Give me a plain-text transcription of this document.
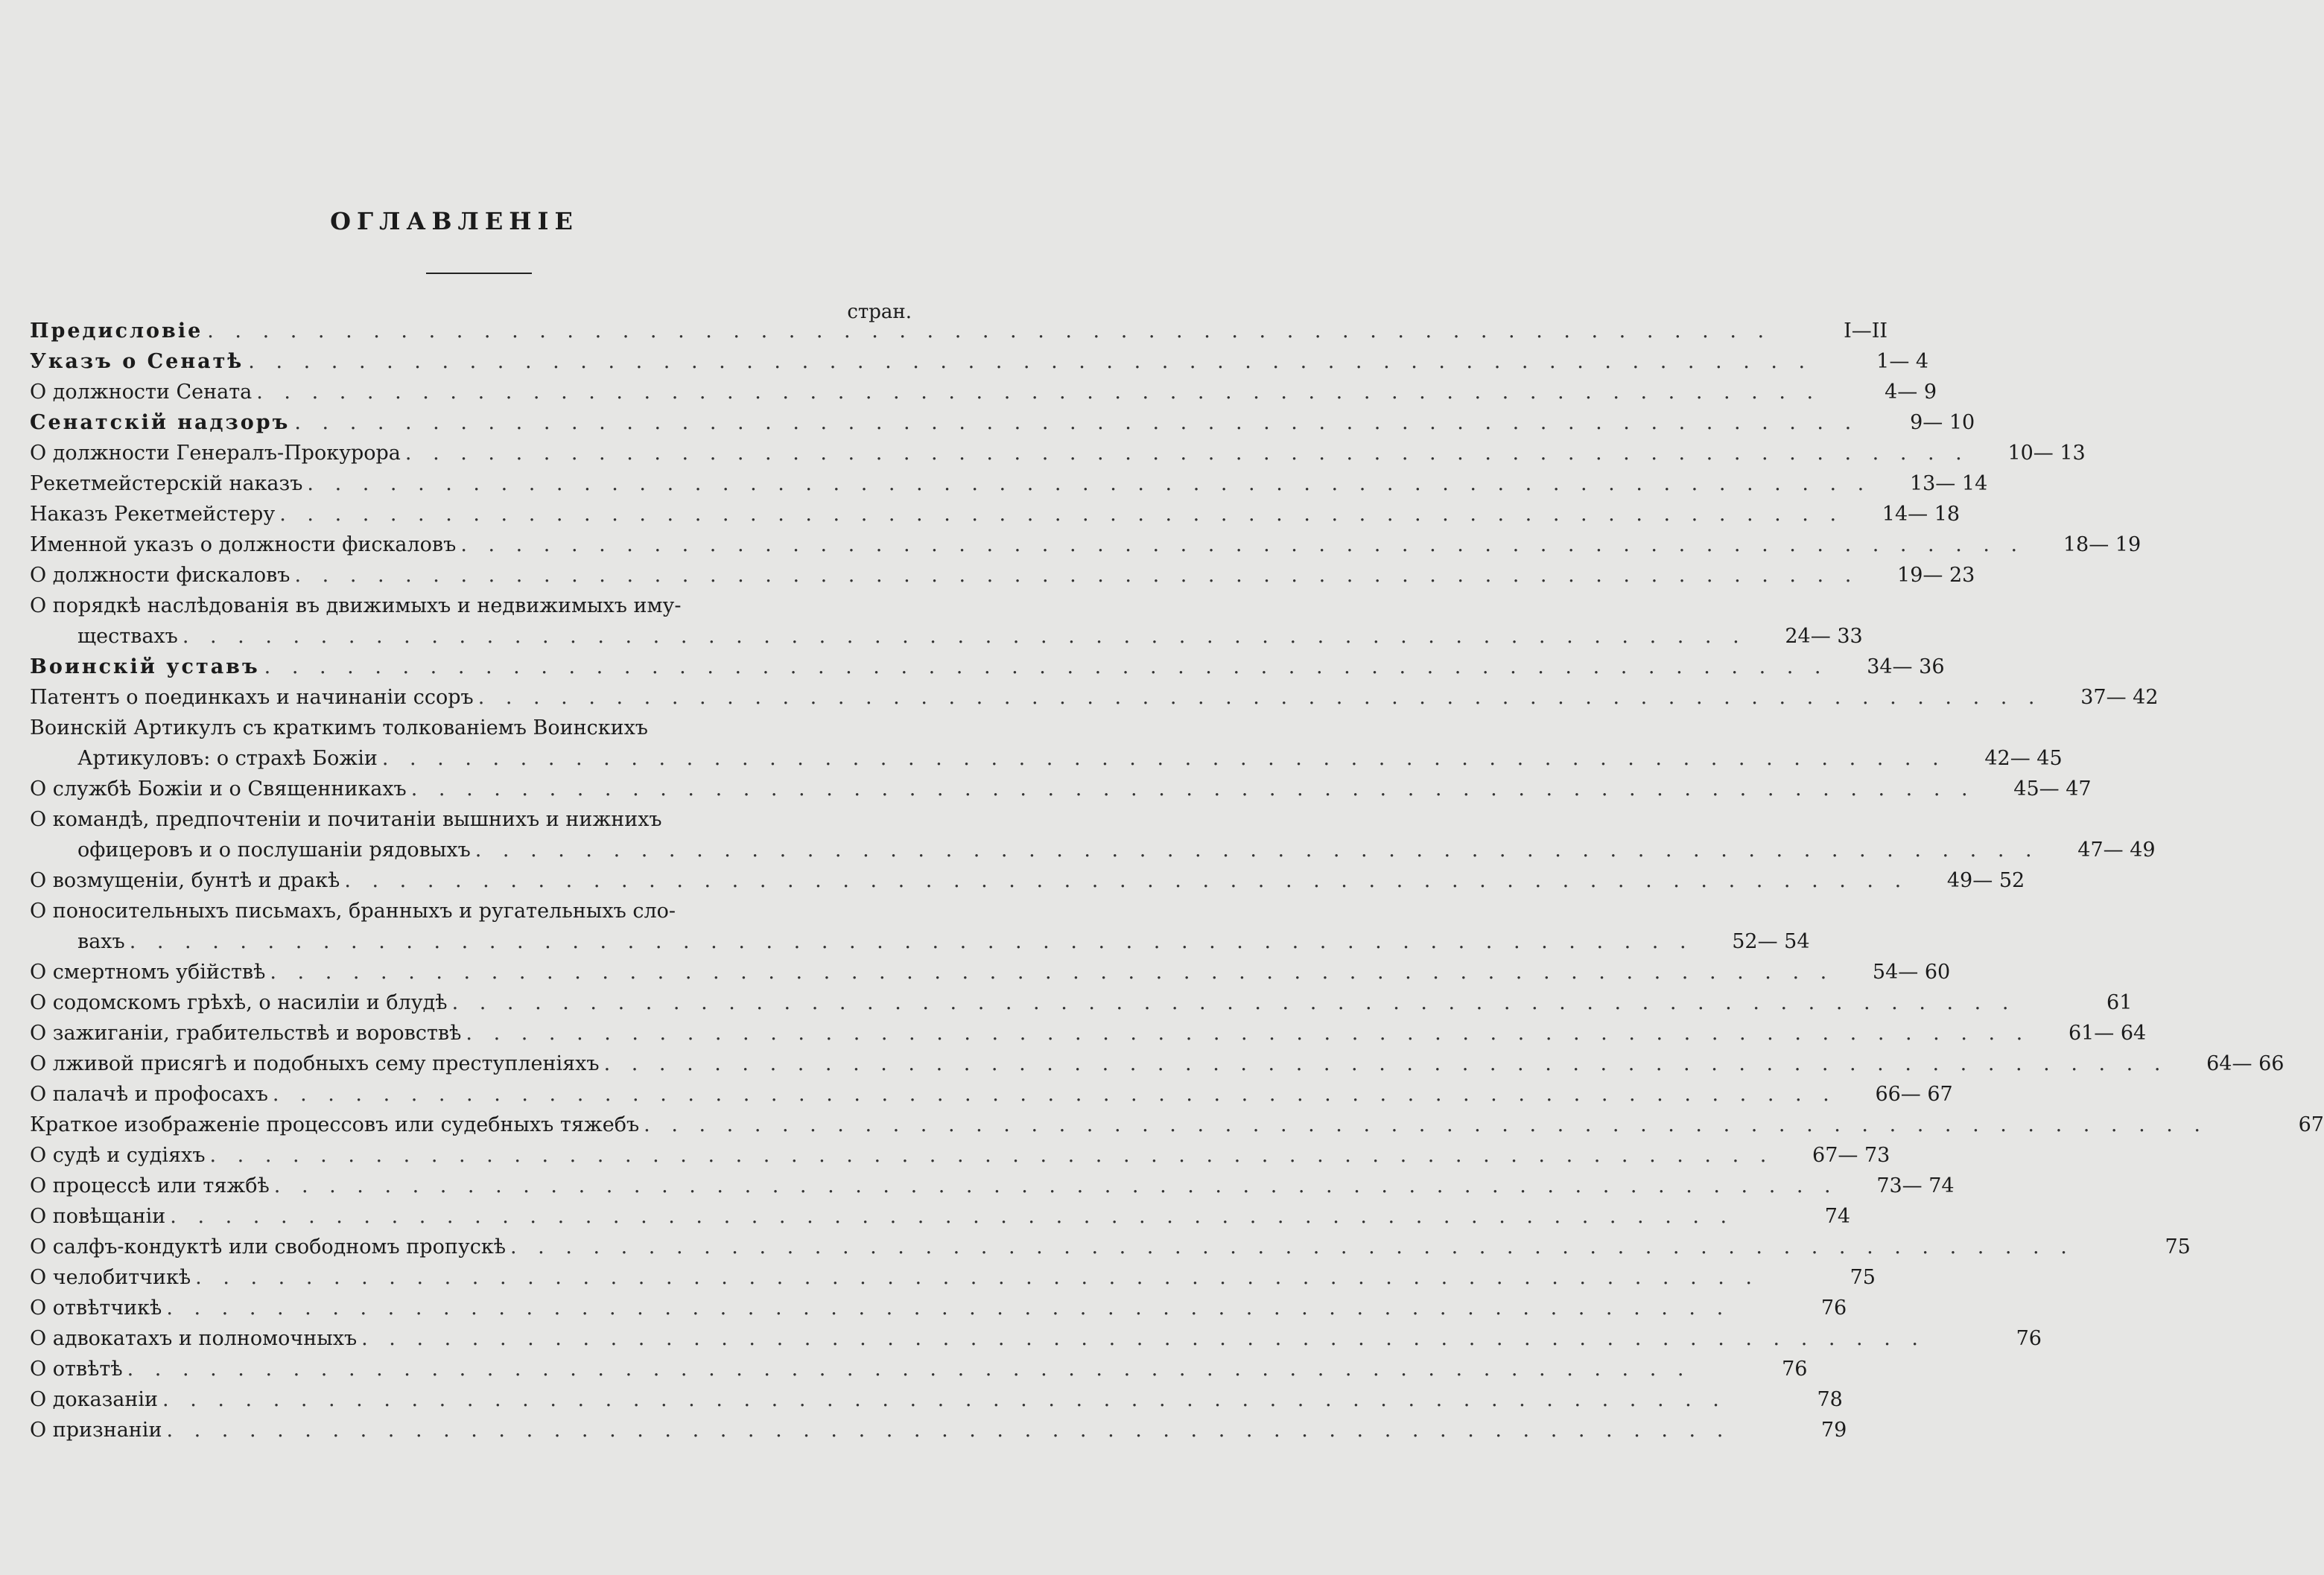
ОГЛАВЛЕНІЕ
стран.
Предисловіе . . . . . . . . . . . . . . . . . . . . . . . . . . . . . . . . . . . . . . . . . . . . . . . . . . . . . . . . .	I—II
Указъ о Сенатѣ . . . . . . . . . . . . . . . . . . . . . . . . . . . . . . . . . . . . . . . . . . . . . . . . . . . . . . . . .	1— 4
О должности Сената . . . . . . . . . . . . . . . . . . . . . . . . . . . . . . . . . . . . . . . . . . . . . . . . . . . . . . . . .	4— 9
Сенатскій надзоръ . . . . . . . . . . . . . . . . . . . . . . . . . . . . . . . . . . . . . . . . . . . . . . . . . . . . . . . . .	9— 10
О должности Генералъ-Прокурора . . . . . . . . . . . . . . . . . . . . . . . . . . . . . . . . . . . . . . . . . . . . . . . . . . . . . . . . .	10— 13
Рекетмейстерскій наказъ . . . . . . . . . . . . . . . . . . . . . . . . . . . . . . . . . . . . . . . . . . . . . . . . . . . . . . . . .	13— 14
Наказъ Рекетмейстеру . . . . . . . . . . . . . . . . . . . . . . . . . . . . . . . . . . . . . . . . . . . . . . . . . . . . . . . . .	14— 18
Именной указъ о должности фискаловъ . . . . . . . . . . . . . . . . . . . . . . . . . . . . . . . . . . . . . . . . . . . . . . . . . . . . . . . . .	18— 19
О должности фискаловъ . . . . . . . . . . . . . . . . . . . . . . . . . . . . . . . . . . . . . . . . . . . . . . . . . . . . . . . . .	19— 23
О порядкѣ наслѣдованія въ движимыхъ и недвижимыхъ иму-
ществахъ . . . . . . . . . . . . . . . . . . . . . . . . . . . . . . . . . . . . . . . . . . . . . . . . . . . . . . . . .	24— 33
Воинскій уставъ . . . . . . . . . . . . . . . . . . . . . . . . . . . . . . . . . . . . . . . . . . . . . . . . . . . . . . . . .	34— 36
Патентъ о поединкахъ и начинаніи ссоръ . . . . . . . . . . . . . . . . . . . . . . . . . . . . . . . . . . . . . . . . . . . . . . . . . . . . . . . . .	37— 42
Воинскій Артикулъ съ краткимъ толкованіемъ Воинскихъ
Артикуловъ: о страхѣ Божіи . . . . . . . . . . . . . . . . . . . . . . . . . . . . . . . . . . . . . . . . . . . . . . . . . . . . . . . . .	42— 45
О службѣ Божіи и о Священникахъ . . . . . . . . . . . . . . . . . . . . . . . . . . . . . . . . . . . . . . . . . . . . . . . . . . . . . . . . .	45— 47
О командѣ, предпочтеніи и почитаніи вышнихъ и нижнихъ
офицеровъ и о послушаніи рядовыхъ . . . . . . . . . . . . . . . . . . . . . . . . . . . . . . . . . . . . . . . . . . . . . . . . . . . . . . . . .	47— 49
О возмущеніи, бунтѣ и дракѣ . . . . . . . . . . . . . . . . . . . . . . . . . . . . . . . . . . . . . . . . . . . . . . . . . . . . . . . . .	49— 52
О поносительныхъ письмахъ, бранныхъ и ругательныхъ сло-
вахъ . . . . . . . . . . . . . . . . . . . . . . . . . . . . . . . . . . . . . . . . . . . . . . . . . . . . . . . . .	52— 54
О смертномъ убійствѣ . . . . . . . . . . . . . . . . . . . . . . . . . . . . . . . . . . . . . . . . . . . . . . . . . . . . . . . . .	54— 60
О содомскомъ грѣхѣ, о насиліи и блудѣ . . . . . . . . . . . . . . . . . . . . . . . . . . . . . . . . . . . . . . . . . . . . . . . . . . . . . . . . .	61
О зажиганіи, грабительствѣ и воровствѣ . . . . . . . . . . . . . . . . . . . . . . . . . . . . . . . . . . . . . . . . . . . . . . . . . . . . . . . . .	61— 64
О лживой присягѣ и подобныхъ сему преступленіяхъ . . . . . . . . . . . . . . . . . . . . . . . . . . . . . . . . . . . . . . . . . . . . . . . . . . . . . . . . .	64— 66
О палачѣ и профосахъ . . . . . . . . . . . . . . . . . . . . . . . . . . . . . . . . . . . . . . . . . . . . . . . . . . . . . . . . .	66— 67
Краткое изображеніе процессовъ или судебныхъ тяжебъ . . . . . . . . . . . . . . . . . . . . . . . . . . . . . . . . . . . . . . . . . . . . . . . . . . . . . . . . .	67
О судѣ и судіяхъ . . . . . . . . . . . . . . . . . . . . . . . . . . . . . . . . . . . . . . . . . . . . . . . . . . . . . . . . .	67— 73
О процессѣ или тяжбѣ . . . . . . . . . . . . . . . . . . . . . . . . . . . . . . . . . . . . . . . . . . . . . . . . . . . . . . . . .	73— 74
О повѣщаніи . . . . . . . . . . . . . . . . . . . . . . . . . . . . . . . . . . . . . . . . . . . . . . . . . . . . . . . . .	74
О салфъ-кондуктѣ или свободномъ пропускѣ . . . . . . . . . . . . . . . . . . . . . . . . . . . . . . . . . . . . . . . . . . . . . . . . . . . . . . . . .	75
О челобитчикѣ . . . . . . . . . . . . . . . . . . . . . . . . . . . . . . . . . . . . . . . . . . . . . . . . . . . . . . . . .	75
О отвѣтчикѣ . . . . . . . . . . . . . . . . . . . . . . . . . . . . . . . . . . . . . . . . . . . . . . . . . . . . . . . . .	76
О адвокатахъ и полномочныхъ . . . . . . . . . . . . . . . . . . . . . . . . . . . . . . . . . . . . . . . . . . . . . . . . . . . . . . . . .	76
О отвѣтѣ . . . . . . . . . . . . . . . . . . . . . . . . . . . . . . . . . . . . . . . . . . . . . . . . . . . . . . . . .	76
О доказаніи . . . . . . . . . . . . . . . . . . . . . . . . . . . . . . . . . . . . . . . . . . . . . . . . . . . . . . . . .	78
О признаніи . . . . . . . . . . . . . . . . . . . . . . . . . . . . . . . . . . . . . . . . . . . . . . . . . . . . . . . . .	79
